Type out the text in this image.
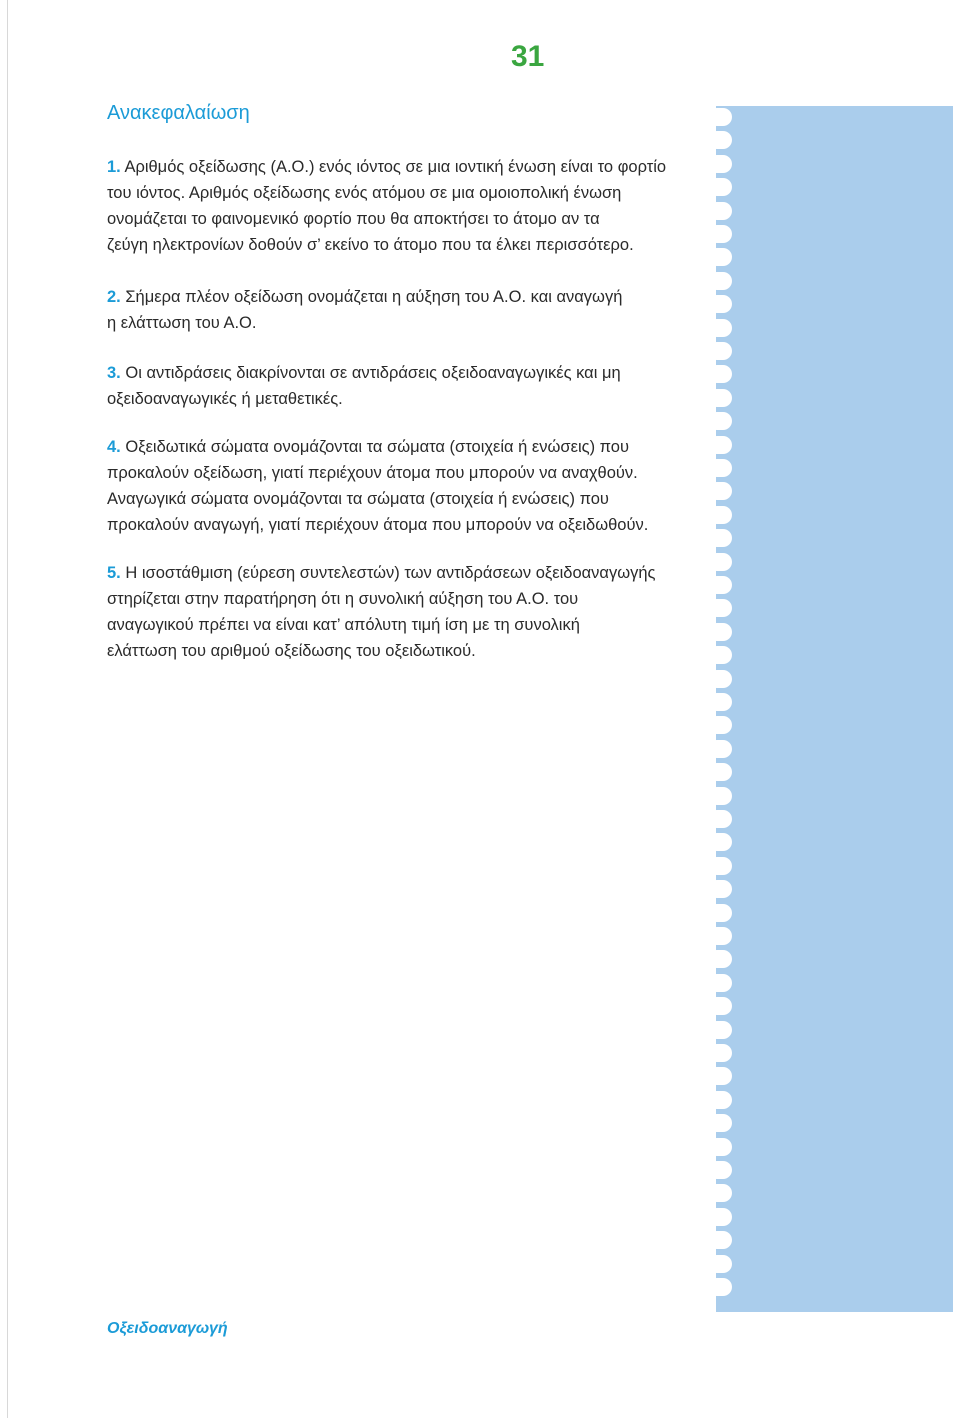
31
Ανακεφαλαίωση
1. Αριθμός οξείδωσης (Α.Ο.) ενός ιόντος σε μια ιοντική ένωση είναι το φορτίο
του ιόντος. Αριθμός οξείδωσης ενός ατόμου σε μια ομοιοπολική ένωση
ονομάζεται το φαινομενικό φορτίο που θα αποκτήσει το άτομο αν τα
ζεύγη ηλεκτρονίων δοθούν σ’ εκείνο το άτομο που τα έλκει περισσότερο.
2. Σήμερα πλέον οξείδωση ονομάζεται η αύξηση του Α.Ο. και αναγωγή
η ελάττωση του Α.Ο.
3. Οι αντιδράσεις διακρίνονται σε αντιδράσεις οξειδοαναγωγικές και μη
οξειδοαναγωγικές ή μεταθετικές.
4. Οξειδωτικά σώματα ονομάζονται τα σώματα (στοιχεία ή ενώσεις) που
προκαλούν οξείδωση, γιατί περιέχουν άτομα που μπορούν να αναχθούν.
Αναγωγικά σώματα ονομάζονται τα σώματα (στοιχεία ή ενώσεις) που
προκαλούν αναγωγή, γιατί περιέχουν άτομα που μπορούν να οξειδωθούν.
5. Η ισοστάθμιση (εύρεση συντελεστών) των αντιδράσεων οξειδοαναγωγής
στηρίζεται στην παρατήρηση ότι η συνολική αύξηση του Α.Ο. του
αναγωγικού πρέπει να είναι κατ’ απόλυτη τιμή ίση με τη συνολική
ελάττωση του αριθμού οξείδωσης του οξειδωτικού.
Οξειδοαναγωγή
